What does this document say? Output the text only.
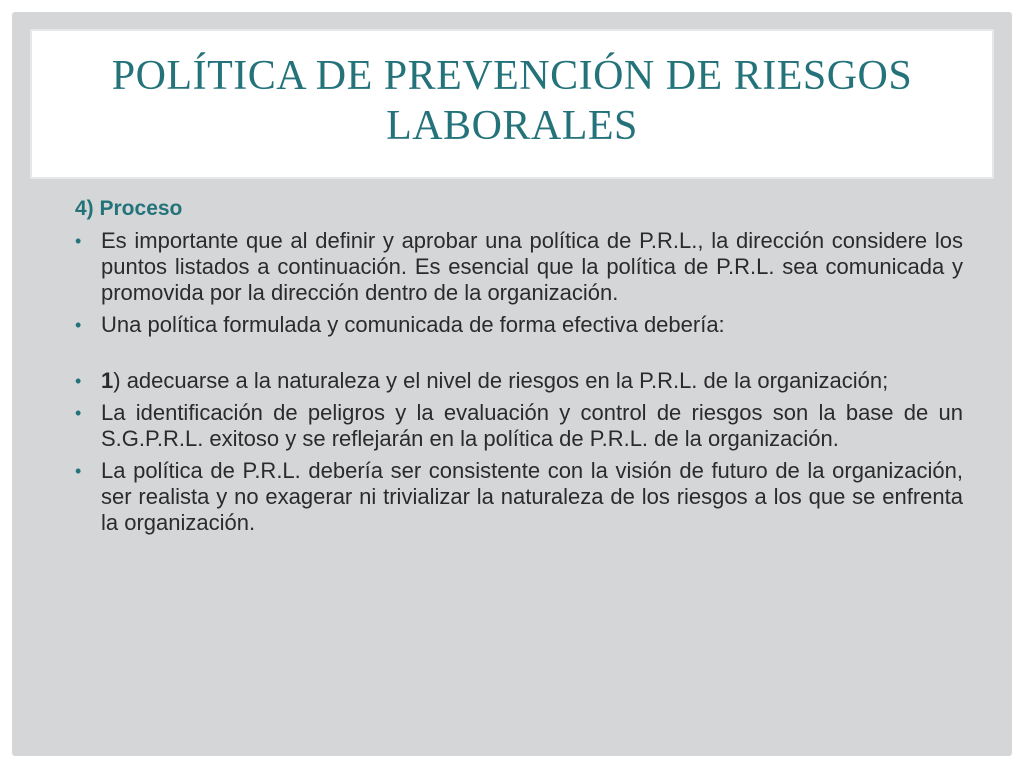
POLÍTICA DE PREVENCIÓN DE RIESGOS LABORALES
4) Proceso
• Es importante que al definir y aprobar una política de P.R.L., la dirección considere los puntos listados a continuación. Es esencial que la política de P.R.L. sea comunicada y promovida por la dirección dentro de la organización.
• Una política formulada y comunicada de forma efectiva debería:
• 1) adecuarse a la naturaleza y el nivel de riesgos en la P.R.L. de la organización;
• La identificación de peligros y la evaluación y control de riesgos son la base de un S.G.P.R.L. exitoso y se reflejarán en la política de P.R.L. de la organización.
• La política de P.R.L. debería ser consistente con la visión de futuro de la organización, ser realista y no exagerar ni trivializar la naturaleza de los riesgos a los que se enfrenta la organización.
